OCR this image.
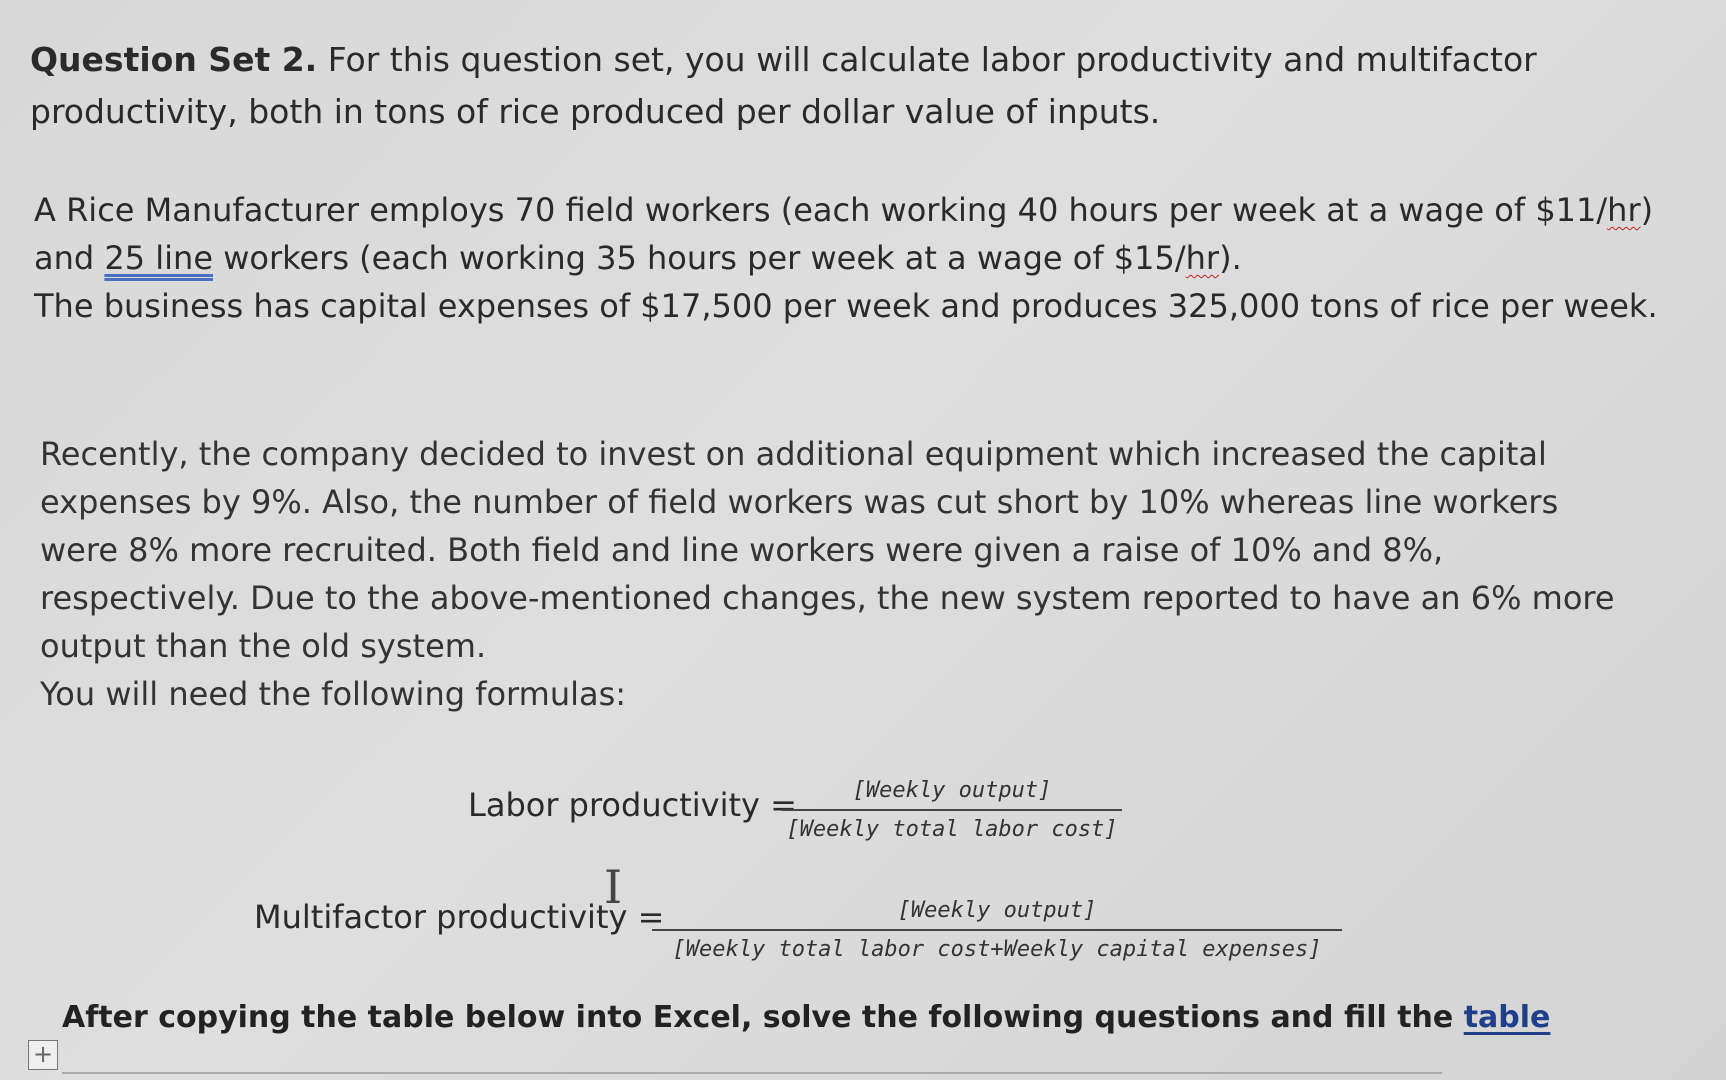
Question Set 2. For this question set, you will calculate labor productivity and multifactor productivity, both in tons of rice produced per dollar value of inputs.
A Rice Manufacturer employs 70 field workers (each working 40 hours per week at a wage of $11/hr) and 25 line workers (each working 35 hours per week at a wage of $15/hr).
The business has capital expenses of $17,500 per week and produces 325,000 tons of rice per week.
Recently, the company decided to invest on additional equipment which increased the capital
expenses by 9%. Also, the number of field workers was cut short by 10% whereas line workers
were 8% more recruited. Both field and line workers were given a raise of 10% and 8%,
respectively. Due to the above-mentioned changes, the new system reported to have an 6% more
output than the old system.
You will need the following formulas:
Labor productivity =	[Weekly output]
[Weekly total labor cost]
I
Multifactor productivity =	[Weekly output]
[Weekly total labor cost+Weekly capital expenses]
After copying the table below into Excel, solve the following questions and fill the table
+
